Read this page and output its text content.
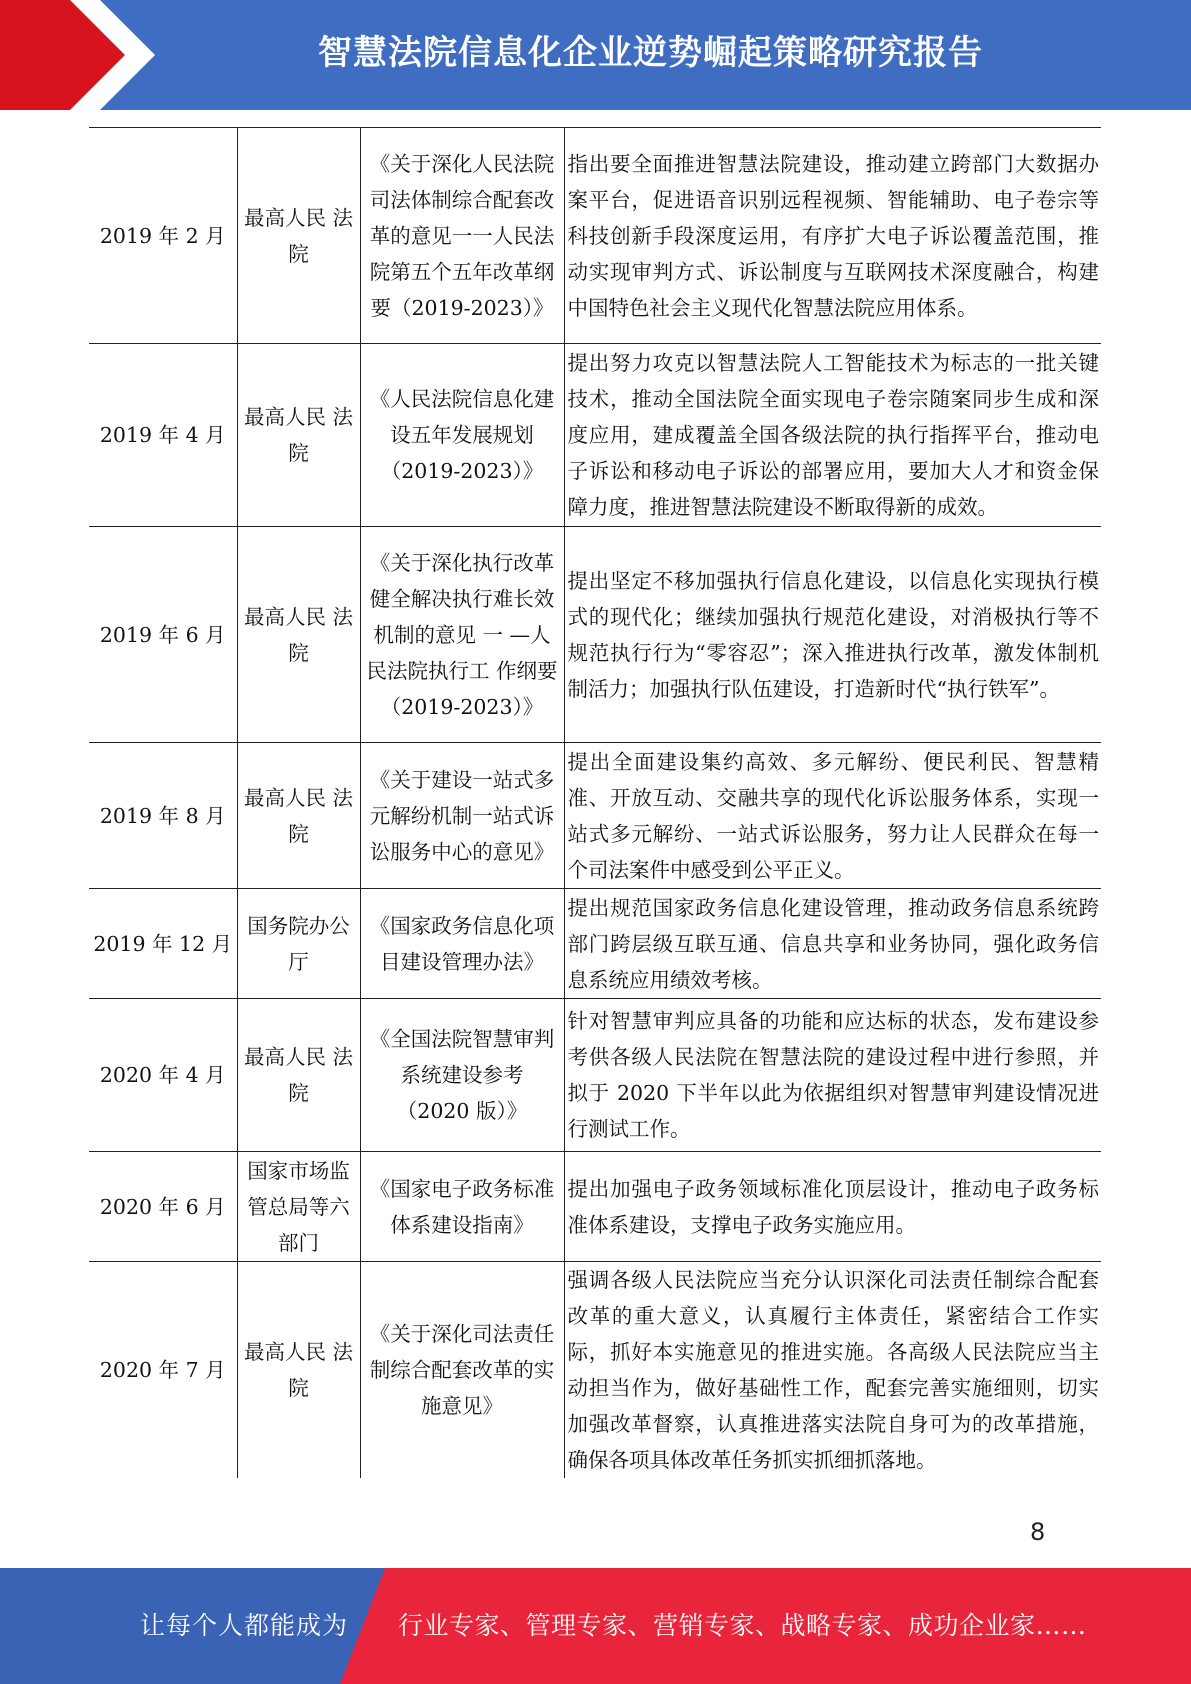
智慧法院信息化企业逆势崛起策略研究报告
2019 年 2 月	最高人民 法院	《关于深化人民法院司法体制综合配套改革的意见一一人民法院第五个五年改革纲要（2019-2023）》	指出要全面推进智慧法院建设，推动建立跨部门大数据办案平台，促进语音识别远程视频、智能辅助、电子卷宗等科技创新手段深度运用，有序扩大电子诉讼覆盖范围，推动实现审判方式、诉讼制度与互联网技术深度融合，构建中国特色社会主义现代化智慧法院应用体系。
2019 年 4 月	最高人民 法院	《人民法院信息化建设五年发展规划（2019-2023）》	提出努力攻克以智慧法院人工智能技术为标志的一批关键技术，推动全国法院全面实现电子卷宗随案同步生成和深度应用，建成覆盖全国各级法院的执行指挥平台，推动电子诉讼和移动电子诉讼的部署应用，要加大人才和资金保障力度，推进智慧法院建设不断取得新的成效。
2019 年 6 月	最高人民 法院	《关于深化执行改革健全解决执行难长效机制的意见 一 —人民法院执行工 作纲要（2019-2023）》	提出坚定不移加强执行信息化建设，以信息化实现执行模式的现代化；继续加强执行规范化建设，对消极执行等不规范执行行为“零容忍”；深入推进执行改革，激发体制机制活力；加强执行队伍建设，打造新时代“执行铁军”。
2019 年 8 月	最高人民 法院	《关于建设一站式多元解纷机制一站式诉讼服务中心的意见》	提出全面建设集约高效、多元解纷、便民利民、智慧精准、开放互动、交融共享的现代化诉讼服务体系，实现一站式多元解纷、一站式诉讼服务，努力让人民群众在每一个司法案件中感受到公平正义。
2019 年 12 月	国务院办公厅	《国家政务信息化项目建设管理办法》	提出规范国家政务信息化建设管理，推动政务信息系统跨部门跨层级互联互通、信息共享和业务协同，强化政务信息系统应用绩效考核。
2020 年 4 月	最高人民 法院	《全国法院智慧审判系统建设参考（2020 版）》	针对智慧审判应具备的功能和应达标的状态，发布建设参考供各级人民法院在智慧法院的建设过程中进行参照，并拟于 2020 下半年以此为依据组织对智慧审判建设情况进行测试工作。
2020 年 6 月	国家市场监管总局等六部门	《国家电子政务标准体系建设指南》	提出加强电子政务领域标准化顶层设计，推动电子政务标准体系建设，支撑电子政务实施应用。
2020 年 7 月	最高人民 法院	《关于深化司法责任制综合配套改革的实施意见》	强调各级人民法院应当充分认识深化司法责任制综合配套改革的重大意义，认真履行主体责任，紧密结合工作实际，抓好本实施意见的推进实施。各高级人民法院应当主动担当作为，做好基础性工作，配套完善实施细则，切实加强改革督察，认真推进落实法院自身可为的改革措施，确保各项具体改革任务抓实抓细抓落地。
8
让每个人都能成为 行业专家、管理专家、营销专家、战略专家、成功企业家……
